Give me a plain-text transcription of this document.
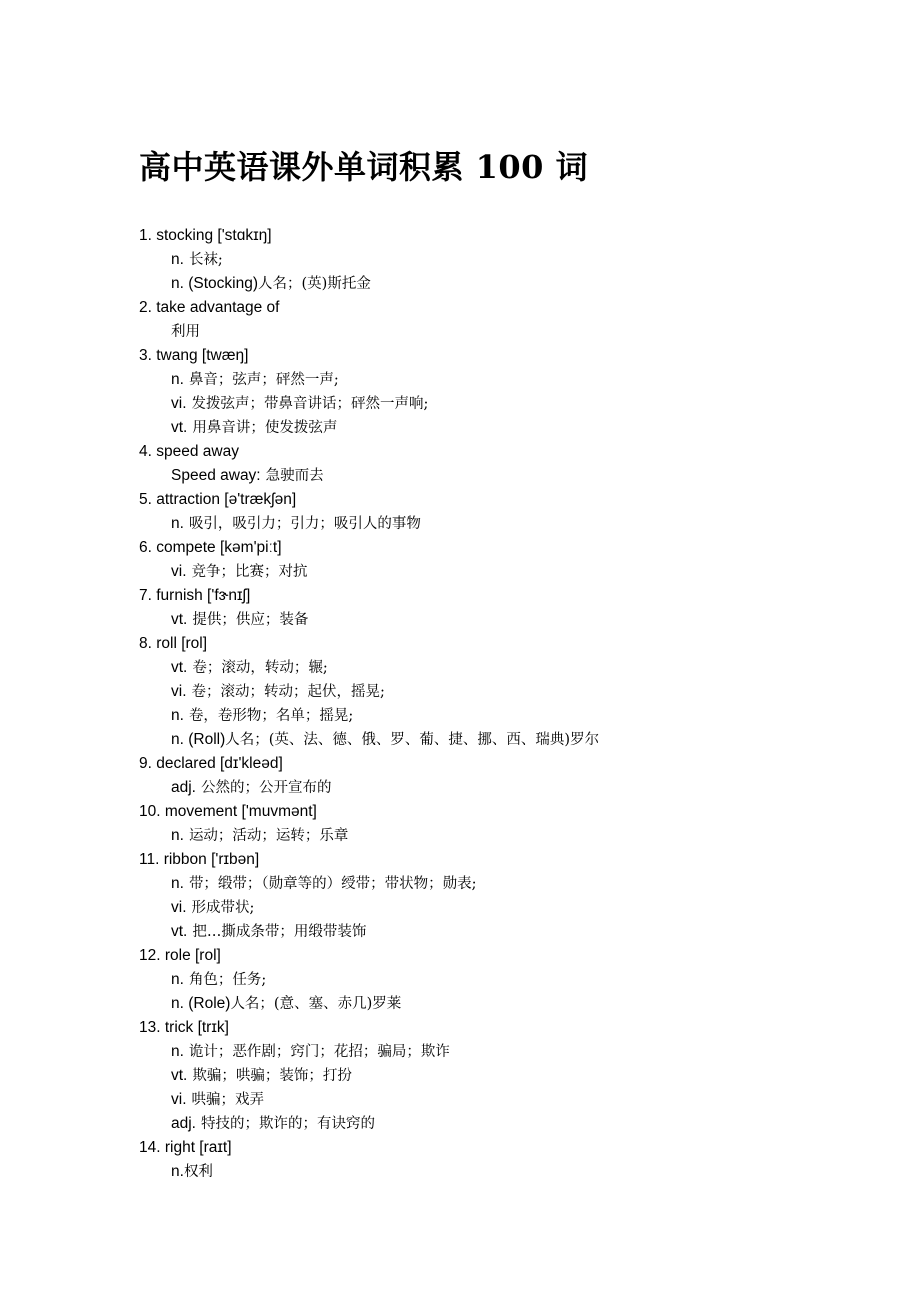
高中英语课外单词积累 100 词
1. stocking ['stɑkɪŋ]
n. 长袜;
n. (Stocking)人名；(英)斯托金
2. take advantage of
利用
3. twang [twæŋ]
n. 鼻音；弦声；砰然一声;
vi. 发拨弦声；带鼻音讲话；砰然一声响;
vt. 用鼻音讲；使发拨弦声
4. speed away
Speed away: 急驶而去
5. attraction [ə'trækʃən]
n. 吸引，吸引力；引力；吸引人的事物
6. compete [kəm'piːt]
vi. 竞争；比赛；对抗
7. furnish ['fɝnɪʃ]
vt. 提供；供应；装备
8. roll [rol]
vt. 卷；滚动，转动；辗;
vi. 卷；滚动；转动；起伏，摇晃;
n. 卷，卷形物；名单；摇晃;
n. (Roll)人名；(英、法、德、俄、罗、葡、捷、挪、西、瑞典)罗尔
9. declared [dɪ'kleəd]
adj. 公然的；公开宣布的
10. movement ['muvmənt]
n. 运动；活动；运转；乐章
11. ribbon ['rɪbən]
n. 带；缎带；（勋章等的）绶带；带状物；勋表;
vi. 形成带状;
vt. 把…撕成条带；用缎带装饰
12. role [rol]
n. 角色；任务;
n. (Role)人名；(意、塞、赤几)罗莱
13. trick [trɪk]
n. 诡计；恶作剧；窍门；花招；骗局；欺诈
vt. 欺骗；哄骗；装饰；打扮
vi. 哄骗；戏弄
adj. 特技的；欺诈的；有诀窍的
14. right [raɪt]
n.权利
